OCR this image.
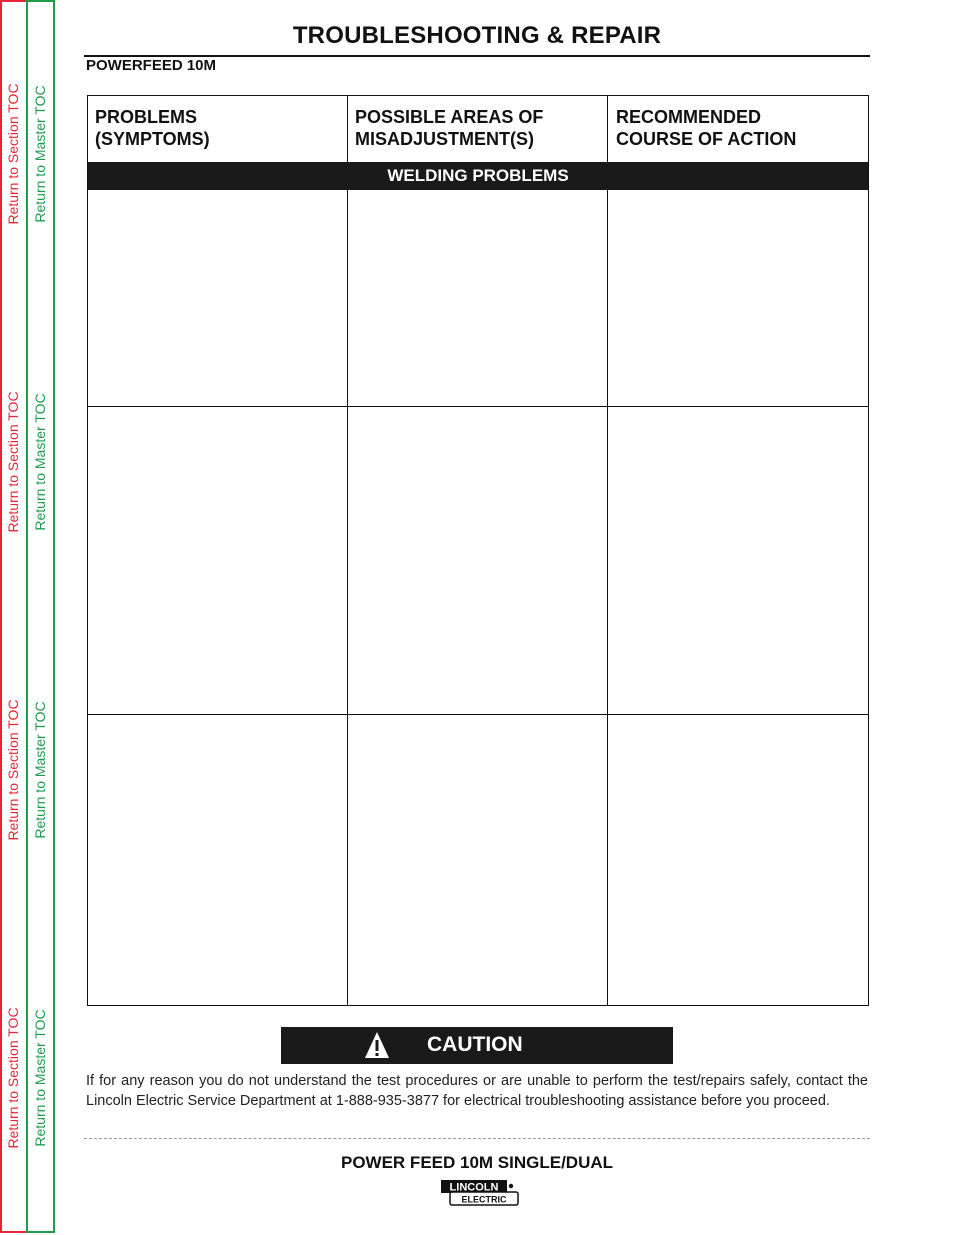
Return to Section TOC
Return to Section TOC
Return to Section TOC
Return to Section TOC
Return to Master TOC
Return to Master TOC
Return to Master TOC
Return to Master TOC
TROUBLESHOOTING & REPAIR
POWERFEED 10M
PROBLEMS
(SYMPTOMS)
POSSIBLE AREAS OF
MISADJUSTMENT(S)
RECOMMENDED
COURSE OF ACTION
WELDING PROBLEMS
CAUTION
If for any reason you do not understand the test procedures or are unable to perform the test/repairs safely, contact the Lincoln Electric Service Department at 1-888-935-3877 for electrical troubleshooting assistance before you proceed.
POWER FEED 10M SINGLE/DUAL
LINCOLN
ELECTRIC
